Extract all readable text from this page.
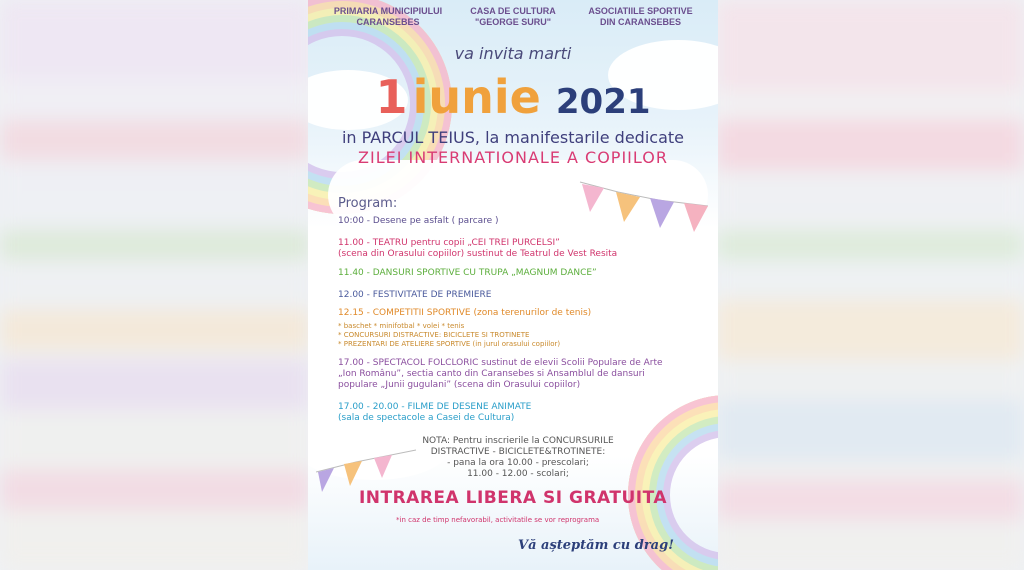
PRIMARIA MUNICIPIULUI
CARANSEBES
CASA DE CULTURA
"GEORGE SURU"
ASOCIATIILE SPORTIVE
DIN CARANSEBES
va invita marti
1 iunie 2021
in PARCUL TEIUS, la manifestarile dedicate
ZILEI INTERNATIONALE A COPIILOR
Program:
10:00 - Desene pe asfalt ( parcare )
11.00 - TEATRU pentru copii „CEI TREI PURCELSI”
(scena din Orasului copiilor) sustinut de Teatrul de Vest Resita
11.40 - DANSURI SPORTIVE CU TRUPA „MAGNUM DANCE”
12.00 - FESTIVITATE DE PREMIERE
12.15 - COMPETITII SPORTIVE (zona terenurilor de tenis)
* baschet * minifotbal * volei * tenis
* CONCURSURI DISTRACTIVE: BICICLETE SI TROTINETE
* PREZENTARI DE ATELIERE SPORTIVE (in jurul orasului copiilor)
17.00 - SPECTACOL FOLCLORIC sustinut de elevii Scolii Populare de Arte
„Ion Românu”, sectia canto din Caransebes si Ansamblul de dansuri
populare „Junii gugulani” (scena din Orasului copiilor)
17.00 - 20.00 - FILME DE DESENE ANIMATE
(sala de spectacole a Casei de Cultura)
NOTA: Pentru inscrierile la CONCURSURILE
DISTRACTIVE - BICICLETE&TROTINETE:
- pana la ora 10.00 - prescolari;
11.00 - 12.00 - scolari;
INTRAREA LIBERA SI GRATUITA
*in caz de timp nefavorabil, activitatile se vor reprograma
Vă așteptăm cu drag!
